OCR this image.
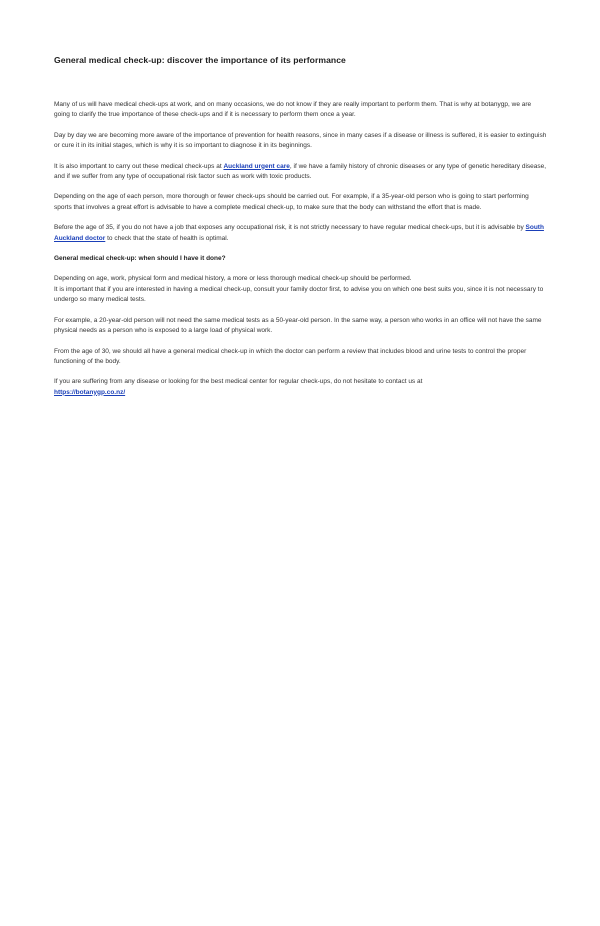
General medical check-up: discover the importance of its performance

Many of us will have medical check-ups at work, and on many occasions, we do not know if they are really important to perform them. That is why at botanygp, we are going to clarify the true importance of these check-ups and if it is necessary to perform them once a year.

Day by day we are becoming more aware of the importance of prevention for health reasons, since in many cases if a disease or illness is suffered, it is easier to extinguish or cure it in its initial stages, which is why it is so important to diagnose it in its beginnings.

It is also important to carry out these medical check-ups at Auckland urgent care, if we have a family history of chronic diseases or any type of genetic hereditary disease, and if we suffer from any type of occupational risk factor such as work with toxic products.

Depending on the age of each person, more thorough or fewer check-ups should be carried out. For example, if a 35-year-old person who is going to start performing sports that involves a great effort is advisable to have a complete medical check-up, to make sure that the body can withstand the effort that is made.

Before the age of 35, if you do not have a job that exposes any occupational risk, it is not strictly necessary to have regular medical check-ups, but it is advisable by South Auckland doctor to check that the state of health is optimal.

General medical check-up: when should I have it done?

Depending on age, work, physical form and medical history, a more or less thorough medical check-up should be performed.

It is important that if you are interested in having a medical check-up, consult your family doctor first, to advise you on which one best suits you, since it is not necessary to undergo so many medical tests.

For example, a 20-year-old person will not need the same medical tests as a 50-year-old person. In the same way, a person who works in an office will not have the same physical needs as a person who is exposed to a large load of physical work.

From the age of 30, we should all have a general medical check-up in which the doctor can perform a review that includes blood and urine tests to control the proper functioning of the body.

If you are suffering from any disease or looking for the best medical center for regular check-ups, do not hesitate to contact us at
https://botanygp.co.nz/
